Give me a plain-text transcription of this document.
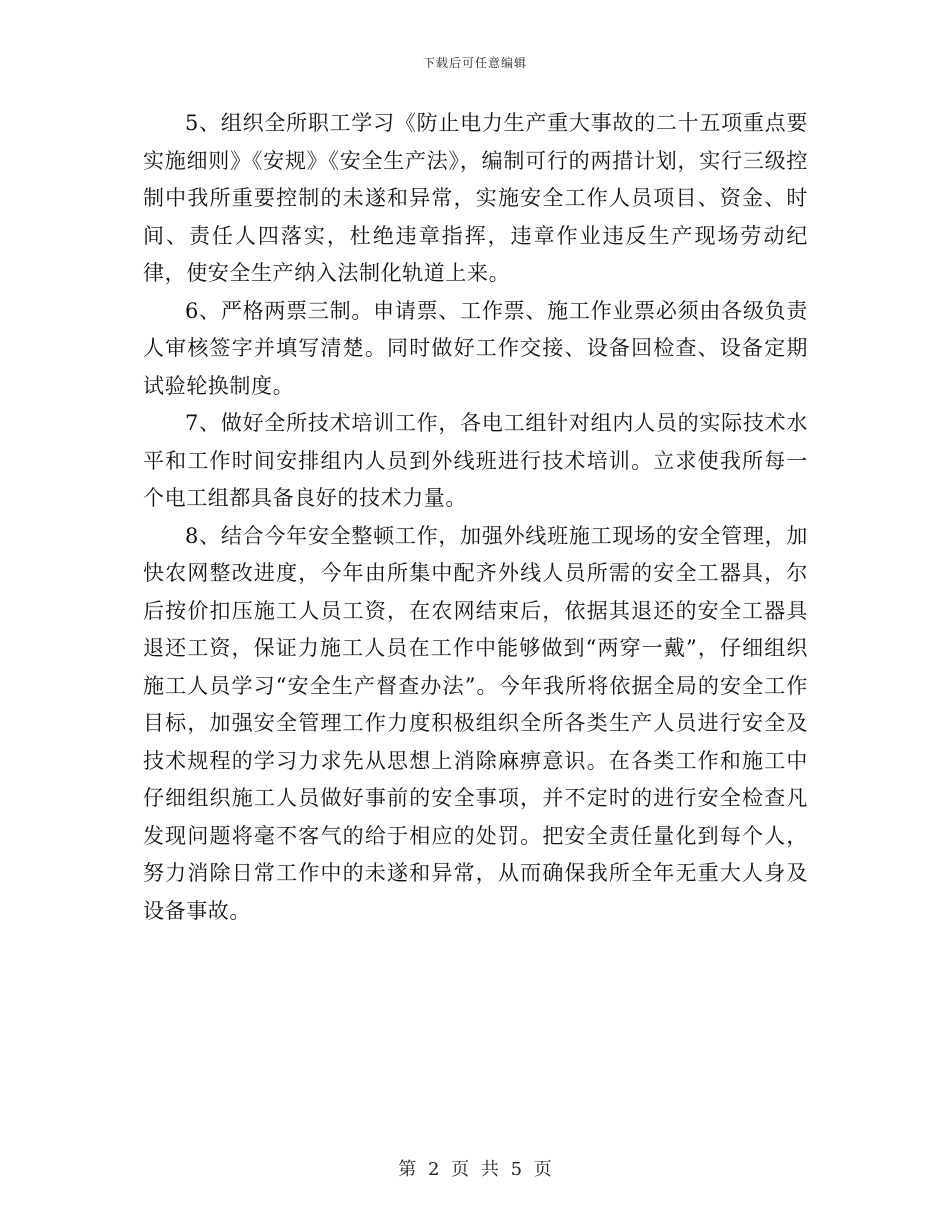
下载后可任意编辑

5、组织全所职工学习《防止电力生产重大事故的二十五项重点要实施细则》《安规》《安全生产法》，编制可行的两措计划，实行三级控制中我所重要控制的未遂和异常，实施安全工作人员项目、资金、时间、责任人四落实，杜绝违章指挥，违章作业违反生产现场劳动纪律，使安全生产纳入法制化轨道上来。

6、严格两票三制。申请票、工作票、施工作业票必须由各级负责人审核签字并填写清楚。同时做好工作交接、设备回检查、设备定期试验轮换制度。

7、做好全所技术培训工作，各电工组针对组内人员的实际技术水平和工作时间安排组内人员到外线班进行技术培训。立求使我所每一个电工组都具备良好的技术力量。

8、结合今年安全整顿工作，加强外线班施工现场的安全管理，加快农网整改进度，今年由所集中配齐外线人员所需的安全工器具，尔后按价扣压施工人员工资，在农网结束后，依据其退还的安全工器具退还工资，保证力施工人员在工作中能够做到“两穿一戴”，仔细组织施工人员学习“安全生产督查办法”。今年我所将依据全局的安全工作目标，加强安全管理工作力度积极组织全所各类生产人员进行安全及技术规程的学习力求先从思想上消除麻痹意识。在各类工作和施工中仔细组织施工人员做好事前的安全事项，并不定时的进行安全检查凡发现问题将毫不客气的给于相应的处罚。把安全责任量化到每个人，努力消除日常工作中的未遂和异常，从而确保我所全年无重大人身及设备事故。

第 2 页 共 5 页
